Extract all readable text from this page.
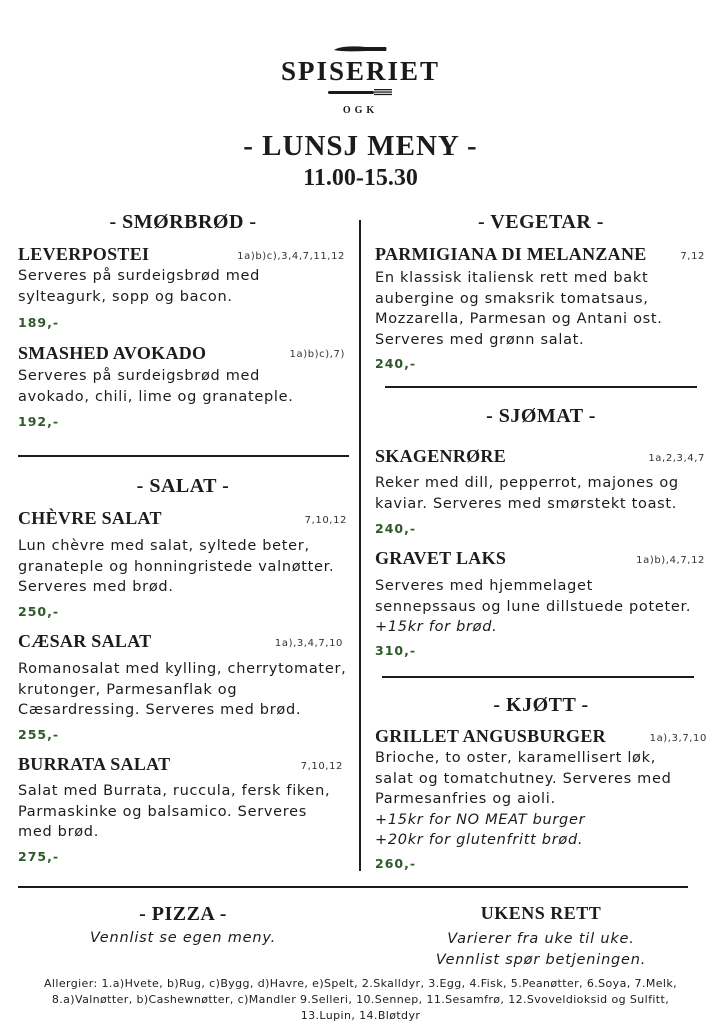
SPISERIET
OGK
- LUNSJ MENY -
11.00-15.30
- SMØRBRØD -
LEVERPOSTEI	1a)b)c),3,4,7,11,12
Serveres på surdeigsbrød med
sylteagurk, sopp og bacon.
189,-
SMASHED AVOKADO	1a)b)c),7)
Serveres på surdeigsbrød med
avokado, chili, lime og granateple.
192,-
- SALAT -
CHÈVRE SALAT	7,10,12
Lun chèvre med salat, syltede beter,
granateple og honningristede valnøtter.
Serveres med brød.
250,-
CÆSAR SALAT	1a),3,4,7,10
Romanosalat med kylling, cherrytomater,
krutonger, Parmesanflak og
Cæsardressing. Serveres med brød.
255,-
BURRATA SALAT	7,10,12
Salat med Burrata, ruccula, fersk fiken,
Parmaskinke og balsamico. Serveres
med brød.
275,-
- VEGETAR -
PARMIGIANA DI MELANZANE	7,12
En klassisk italiensk rett med bakt
aubergine og smaksrik tomatsaus,
Mozzarella, Parmesan og Antani ost.
Serveres med grønn salat.
240,-
- SJØMAT -
SKAGENRØRE	1a,2,3,4,7
Reker med dill, pepperrot, majones og
kaviar. Serveres med smørstekt toast.
240,-
GRAVET LAKS	1a)b),4,7,12
Serveres med hjemmelaget
sennepssaus og lune dillstuede poteter.
+15kr for brød.
310,-
- KJØTT -
GRILLET ANGUSBURGER	1a),3,7,10
Brioche, to oster, karamellisert løk,
salat og tomatchutney. Serveres med
Parmesanfries og aioli.
+15kr for NO MEAT burger
+20kr for glutenfritt brød.
260,-
- PIZZA -
Vennlist se egen meny.
UKENS RETT
Varierer fra uke til uke.
Vennlist spør betjeningen.
Allergier: 1.a)Hvete, b)Rug, c)Bygg, d)Havre, e)Spelt, 2.Skalldyr, 3.Egg, 4.Fisk, 5.Peanøtter, 6.Soya, 7.Melk,
8.a)Valnøtter, b)Cashewnøtter, c)Mandler 9.Selleri, 10.Sennep, 11.Sesamfrø, 12.Svoveldioksid og Sulfitt,
13.Lupin, 14.Bløtdyr
